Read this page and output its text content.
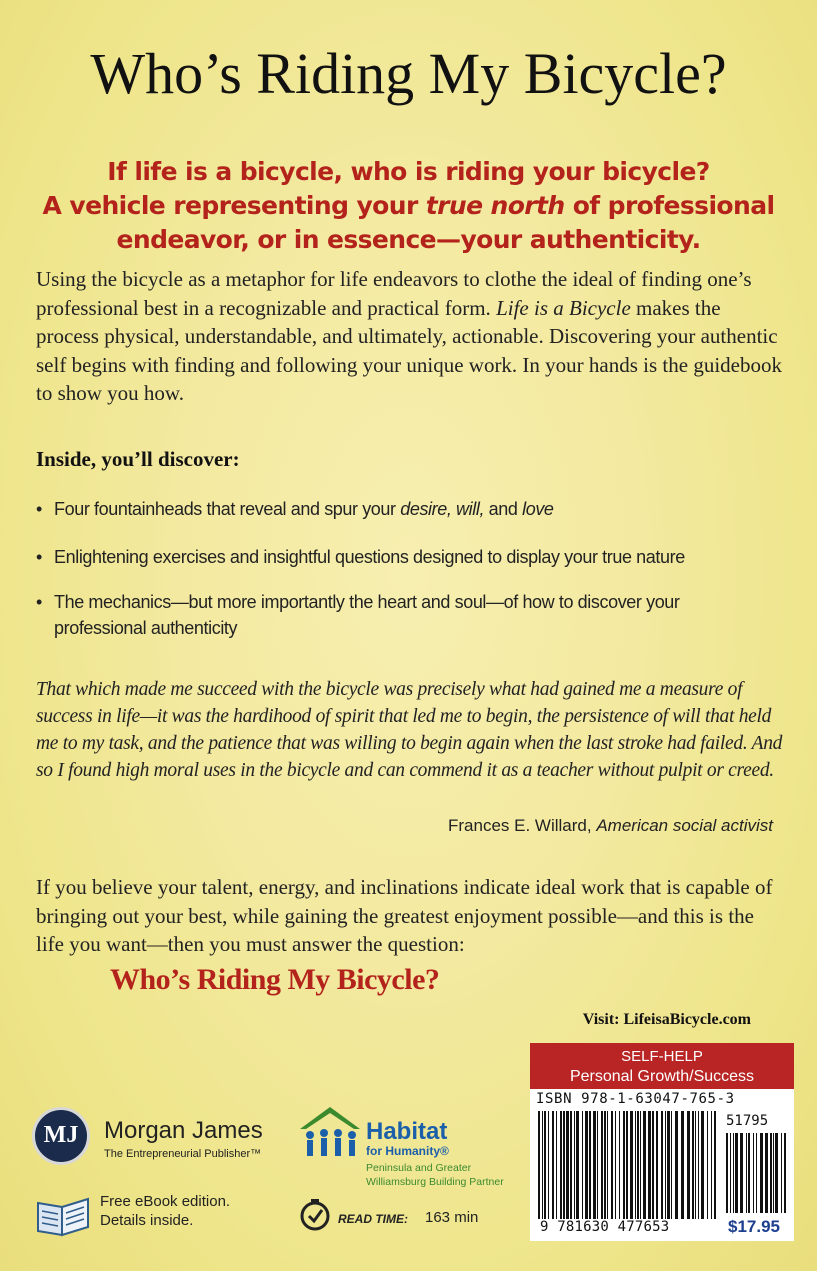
Who’s Riding My Bicycle?
If life is a bicycle, who is riding your bicycle?
A vehicle representing your true north of professional
endeavor, or in essence—your authenticity.
Using the bicycle as a metaphor for life endeavors to clothe the ideal of finding one’s professional best in a recognizable and practical form. Life is a Bicycle makes the process physical, understandable, and ultimately, actionable. Discovering your authentic self begins with finding and following your unique work. In your hands is the guidebook to show you how.
Inside, you’ll discover:
• Four fountainheads that reveal and spur your desire, will, and love
• Enlightening exercises and insightful questions designed to display your true nature
• The mechanics—but more importantly the heart and soul—of how to discover your
professional authenticity
That which made me succeed with the bicycle was precisely what had gained me a measure of success in life—it was the hardihood of spirit that led me to begin, the persistence of will that held me to my task, and the patience that was willing to begin again when the last stroke had failed. And so I found high moral uses in the bicycle and can commend it as a teacher without pulpit or creed.
Frances E. Willard, American social activist
If you believe your talent, energy, and inclinations indicate ideal work that is capable of bringing out your best, while gaining the greatest enjoyment possible—and this is the life you want—then you must answer the question:
Who’s Riding My Bicycle?
Visit: LifeisaBicycle.com
SELF-HELP
Personal Growth/Success
ISBN 978-1-63047-765-3
51795
9 781630 477653	$17.95
MJ	Morgan James
The Entrepreneurial Publisher™
Habitat
for Humanity®
Peninsula and Greater
Williamsburg Building Partner
Free eBook edition.
Details inside.	READ TIME: 163 min
